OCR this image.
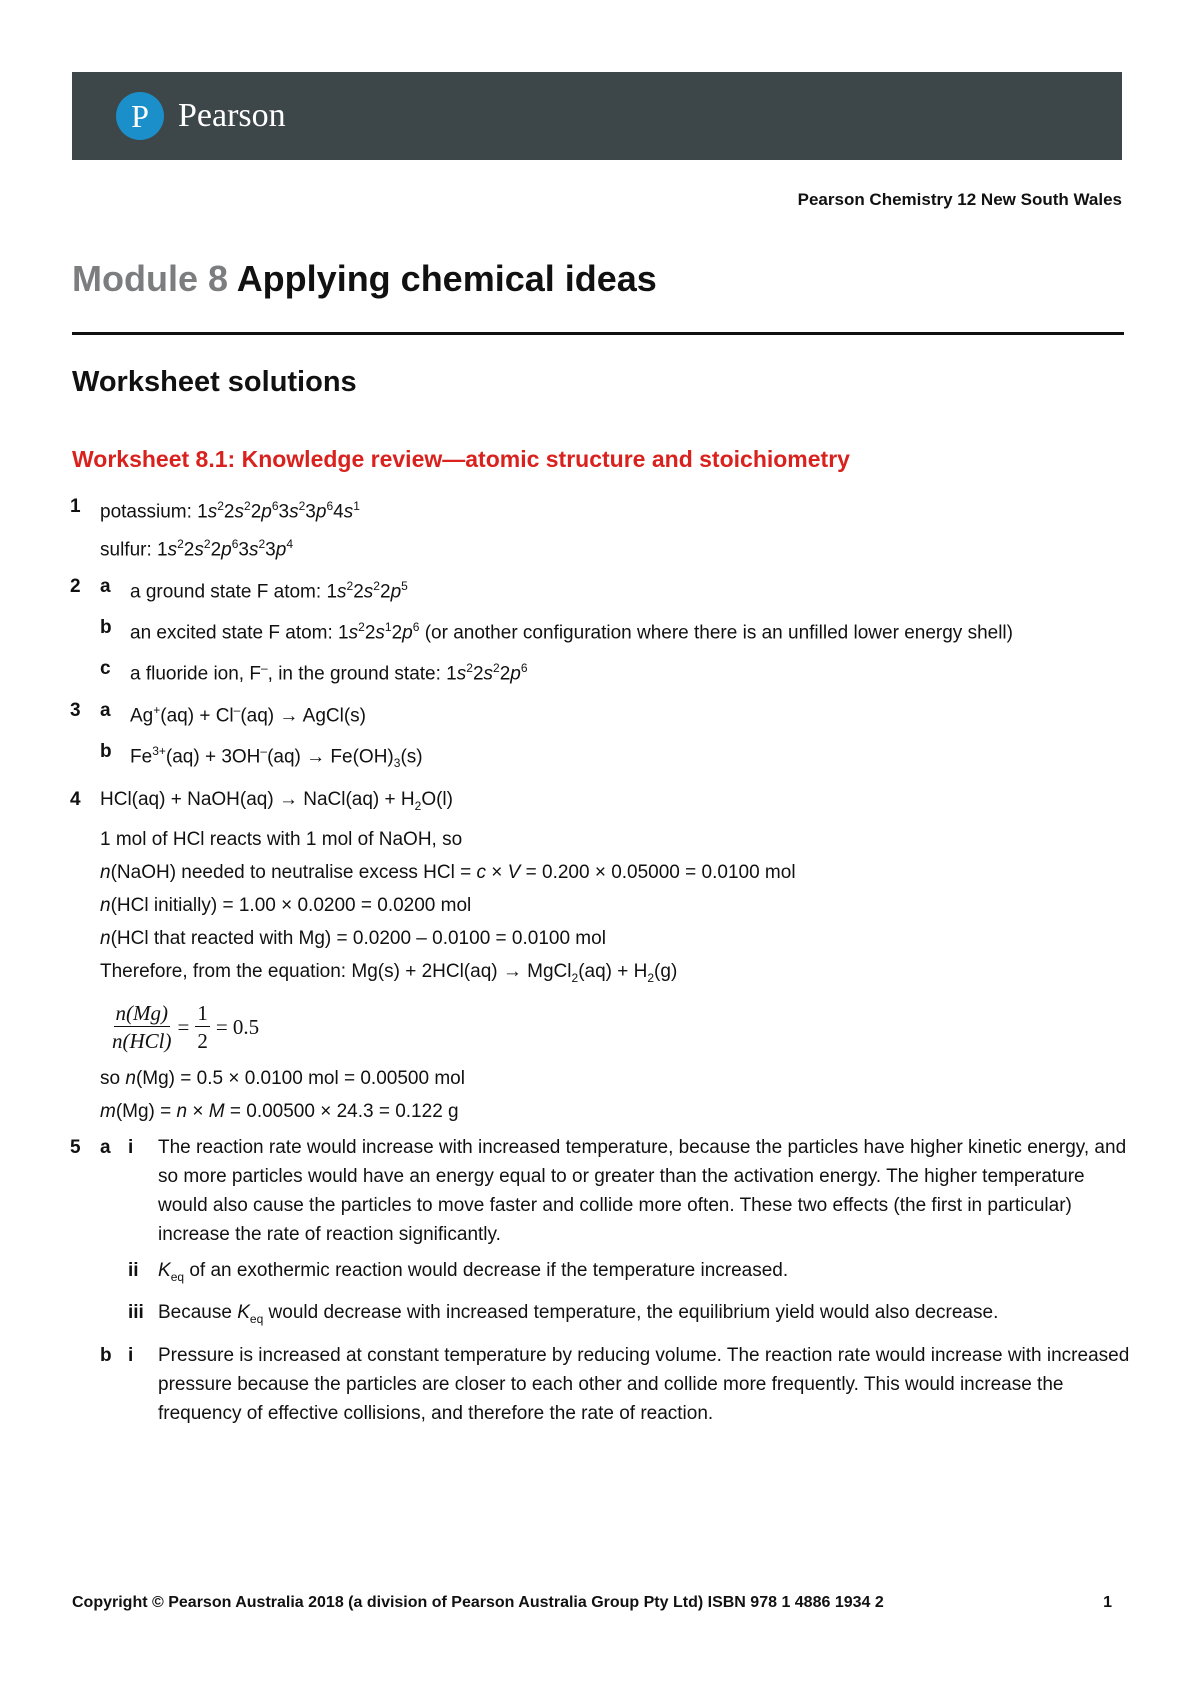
P Pearson
Pearson Chemistry 12 New South Wales
Module 8 Applying chemical ideas
Worksheet solutions
Worksheet 8.1: Knowledge review—atomic structure and stoichiometry
1 potassium: $1s^22s^22p^63s^23p^64s^1$
sulfur: $1s^22s^22p^63s^23p^4$
2 a a ground state F atom: $1s^22s^22p^5$
b an excited state F atom: $1s^22s^12p^6$ (or another configuration where there is an unfilled lower energy shell)
c a fluoride ion, F–, in the ground state: $1s^22s^22p^6$
3 a Ag+(aq) + Cl–(aq) → AgCl(s)
b $Fe^{3+}(aq) + 3OH^-(aq) \to Fe(OH)_3(s)$
4 HCl(aq) + NaOH(aq) → NaCl(aq) + $H_2O(l)$
1 mol of HCl reacts with 1 mol of NaOH, so
n(NaOH) needed to neutralise excess HCl = c × V = 0.200 × 0.05000 = 0.0100 mol
n(HCl initially) = 1.00 × 0.0200 = 0.0200 mol
n(HCl that reacted with Mg) = 0.0200 – 0.0100 = 0.0100 mol
Therefore, from the equation: Mg(s) + 2HCl(aq) → MgCl$_2$(aq) + $H_2(g)$
$\frac{n(Mg)}{\text{n(HCl)}} = \frac{1}{2} = 0.5$
so n(Mg) = 0.5 × 0.0100 mol = 0.00500 mol
m(Mg) = n × M = 0.00500 × 24.3 = 0.122 g
5 a i The reaction rate would increase with increased temperature, because the particles have higher kinetic energy, and so more particles would have an energy equal to or greater than the activation energy. The higher temperature would also cause the particles to move faster and collide more often. These two effects (the first in particular) increase the rate of reaction significantly.
ii $K_{eq}$ of an exothermic reaction would decrease if the temperature increased.
iii Because $K_{eq}$ would decrease with increased temperature, the equilibrium yield would also decrease.
b i Pressure is increased at constant temperature by reducing volume. The reaction rate would increase with increased pressure because the particles are closer to each other and collide more frequently. This would increase the frequency of effective collisions, and therefore the rate of reaction.
Copyright © Pearson Australia 2018 (a division of Pearson Australia Group Pty Ltd) ISBN 978 1 4886 1934 2	1
